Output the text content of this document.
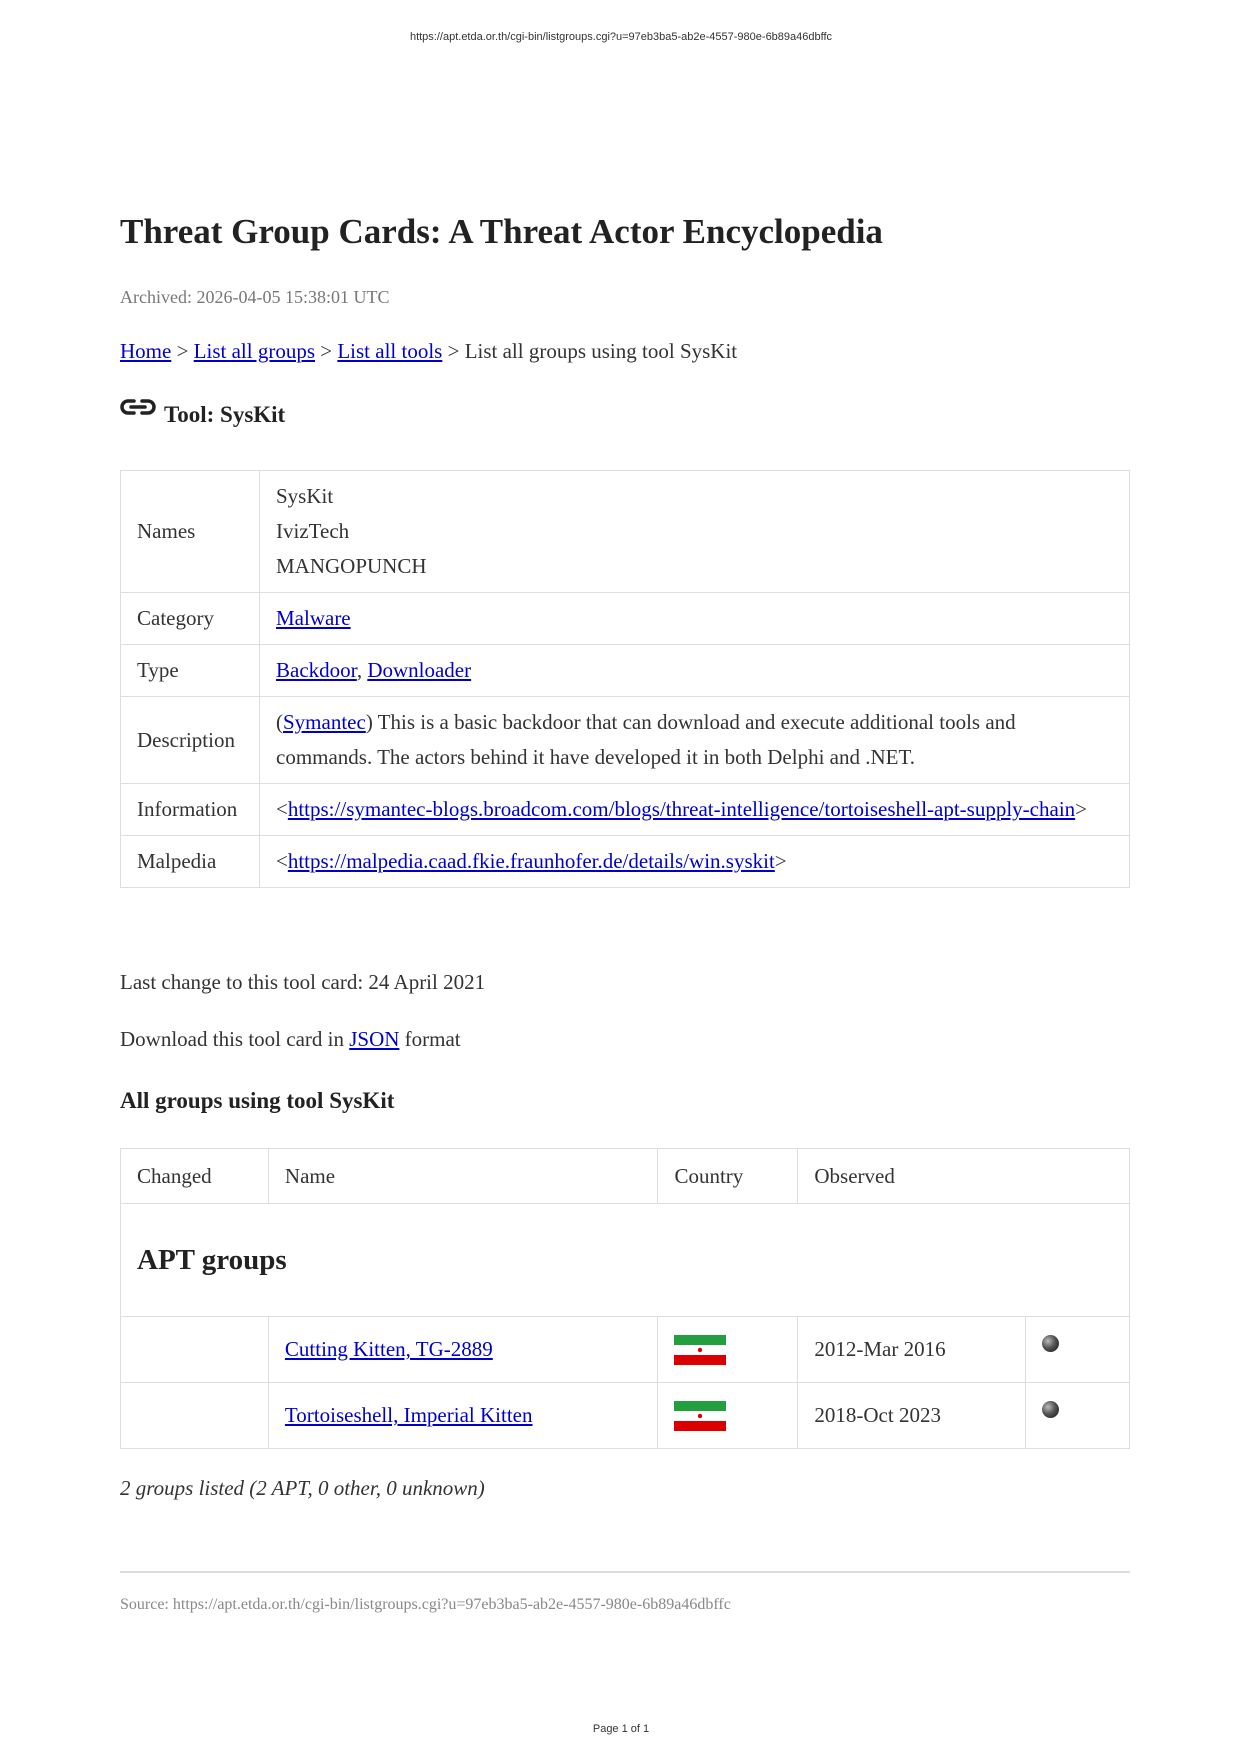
https://apt.etda.or.th/cgi-bin/listgroups.cgi?u=97eb3ba5-ab2e-4557-980e-6b89a46dbffc
Threat Group Cards: A Threat Actor Encyclopedia
Archived: 2026-04-05 15:38:01 UTC
Home > List all groups > List all tools > List all groups using tool SysKit
Tool: SysKit
Names	SysKit
IvizTech
MANGOPUNCH

Category	Malware
Type	Backdoor, Downloader
Description	(Symantec) This is a basic backdoor that can download and execute additional tools and commands. The actors behind it have developed it in both Delphi and .NET.
Information	<https://symantec-blogs.broadcom.com/blogs/threat-intelligence/tortoiseshell-apt-supply-chain>
Malpedia	<https://malpedia.caad.fkie.fraunhofer.de/details/win.syskit>
Last change to this tool card: 24 April 2021
Download this tool card in JSON format
All groups using tool SysKit
Changed	Name	Country	Observed	
APT groups				
	Cutting Kitten, TG-2889		2012-Mar 2016	
	Tortoiseshell, Imperial Kitten		2018-Oct 2023	
2 groups listed (2 APT, 0 other, 0 unknown)
Source: https://apt.etda.or.th/cgi-bin/listgroups.cgi?u=97eb3ba5-ab2e-4557-980e-6b89a46dbffc
Page 1 of 1
